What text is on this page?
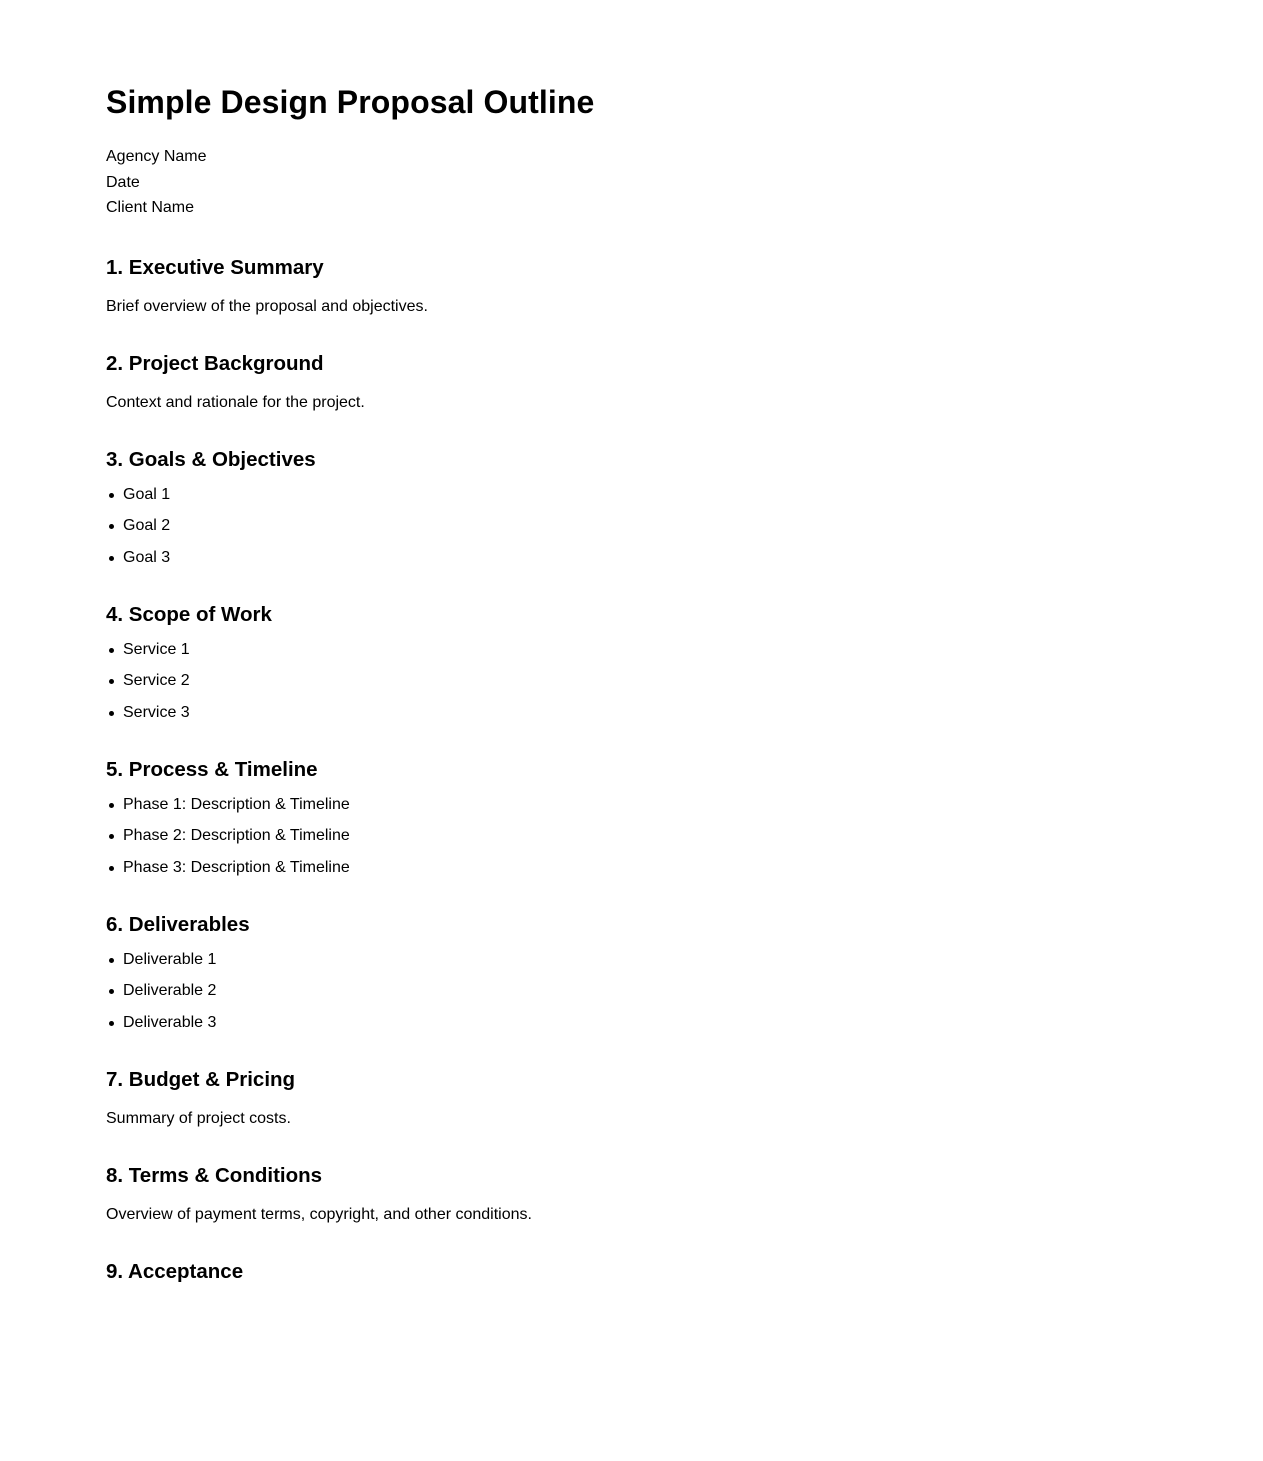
Simple Design Proposal Outline
Agency Name
Date
Client Name
1. Executive Summary

Brief overview of the proposal and objectives.

2. Project Background

Context and rationale for the project.

3. Goals & Objectives
Goal 1
Goal 2
Goal 3
4. Scope of Work
Service 1
Service 2
Service 3
5. Process & Timeline
Phase 1: Description & Timeline
Phase 2: Description & Timeline
Phase 3: Description & Timeline
6. Deliverables
Deliverable 1
Deliverable 2
Deliverable 3
7. Budget & Pricing

Summary of project costs.

8. Terms & Conditions

Overview of payment terms, copyright, and other conditions.

9. Acceptance
